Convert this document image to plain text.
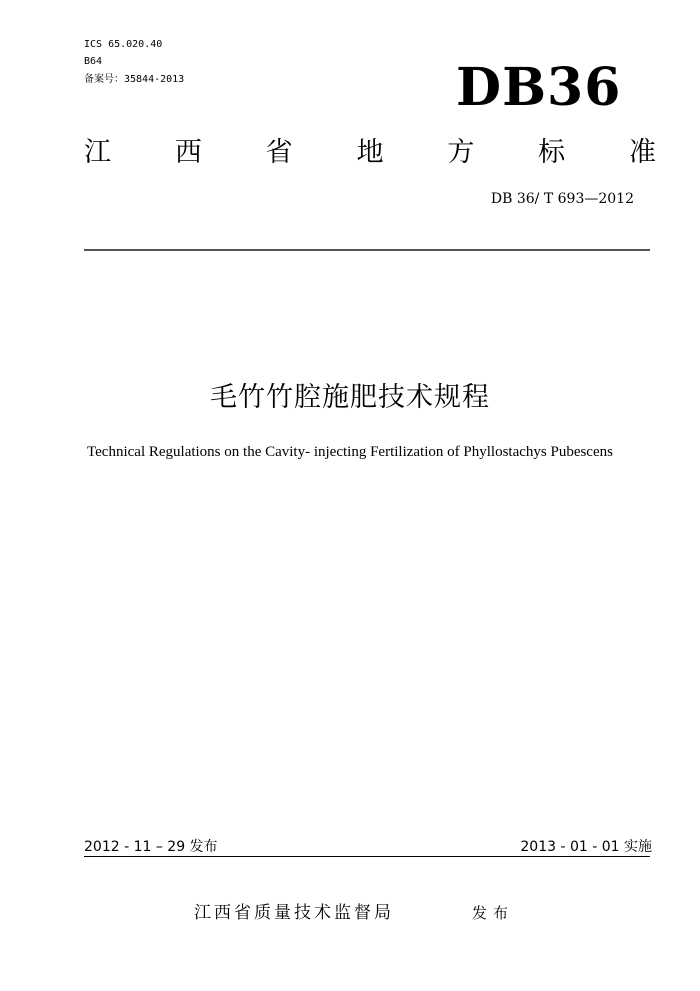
ICS 65.020.40
B64
备案号：35844-2013	DB36
江 西 省 地 方 标 准
DB 36/ T 693—2012
毛竹竹腔施肥技术规程
Technical Regulations on the Cavity- injecting Fertilization of Phyllostachys Pubescens
2012 - 11 – 29 发布	2013 - 01 - 01 实施
江西省质量技术监督局	发布
